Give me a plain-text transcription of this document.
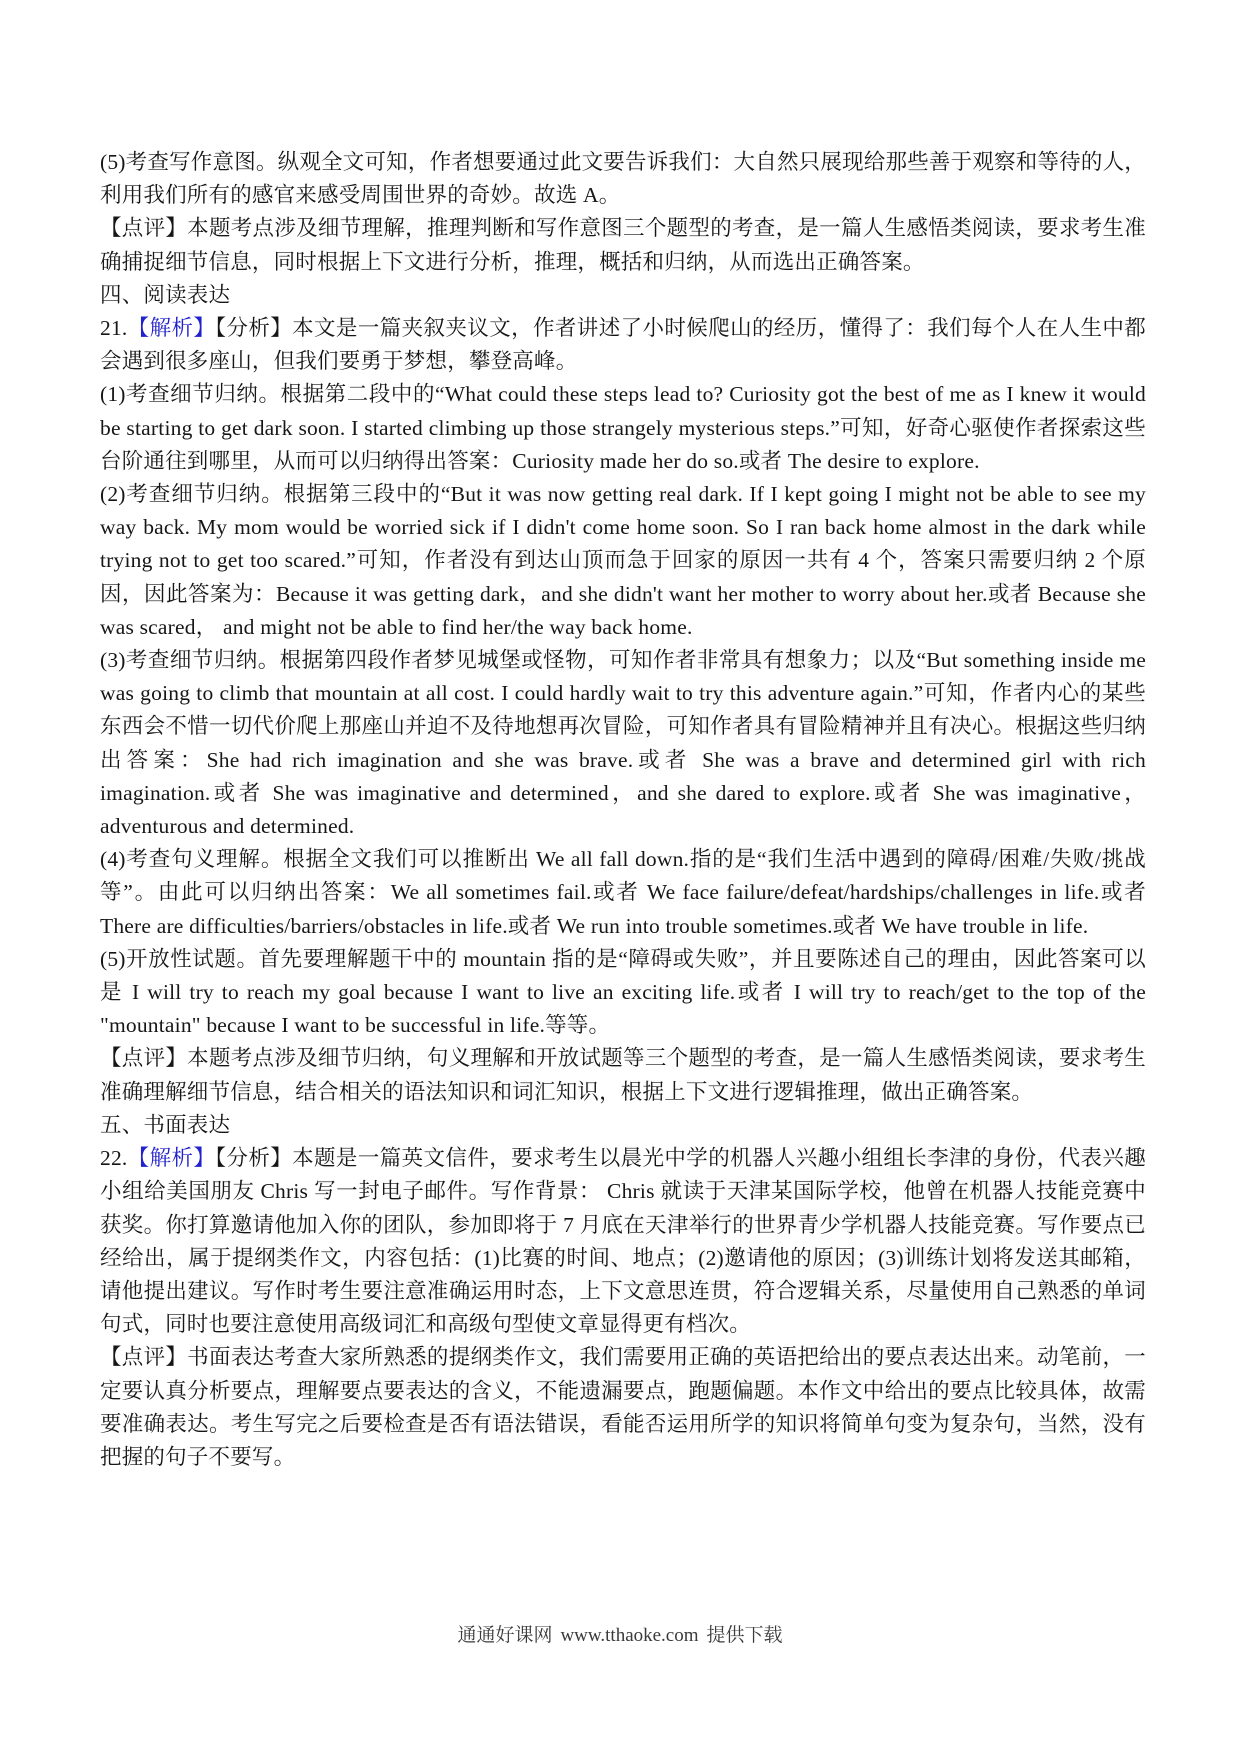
(5)考查写作意图。纵观全文可知，作者想要通过此文要告诉我们：大自然只展现给那些善于观察和等待的人，利用我们所有的感官来感受周围世界的奇妙。故选 A。

【点评】本题考点涉及细节理解，推理判断和写作意图三个题型的考查，是一篇人生感悟类阅读，要求考生准确捕捉细节信息，同时根据上下文进行分析，推理，概括和归纳，从而选出正确答案。

四、阅读表达

21.【解析】【分析】本文是一篇夹叙夹议文，作者讲述了小时候爬山的经历，懂得了：我们每个人在人生中都会遇到很多座山，但我们要勇于梦想，攀登高峰。

(1)考查细节归纳。根据第二段中的“What could these steps lead to? Curiosity got the best of me as I knew it would be starting to get dark soon. I started climbing up those strangely mysterious steps.”可知，好奇心驱使作者探索这些台阶通往到哪里，从而可以归纳得出答案：Curiosity made her do so.或者 The desire to explore.

(2)考查细节归纳。根据第三段中的“But it was now getting real dark. If I kept going I might not be able to see my way back. My mom would be worried sick if I didn't come home soon. So I ran back home almost in the dark while trying not to get too scared.”可知，作者没有到达山顶而急于回家的原因一共有 4 个，答案只需要归纳 2 个原因，因此答案为：Because it was getting dark，and she didn't want her mother to worry about her.或者 Because she was scared， and might not be able to find her/the way back home.

(3)考查细节归纳。根据第四段作者梦见城堡或怪物，可知作者非常具有想象力；以及“But something inside me was going to climb that mountain at all cost. I could hardly wait to try this adventure again.”可知，作者内心的某些东西会不惜一切代价爬上那座山并迫不及待地想再次冒险，可知作者具有冒险精神并且有决心。根据这些归纳出答案：She had rich imagination and she was brave.或者 She was a brave and determined girl with rich imagination.或者 She was imaginative and determined，and she dared to explore.或者 She was imaginative，adventurous and determined.

(4)考查句义理解。根据全文我们可以推断出 We all fall down.指的是“我们生活中遇到的障碍/困难/失败/挑战等”。由此可以归纳出答案：We all sometimes fail.或者 We face failure/defeat/hardships/challenges in life.或者 There are difficulties/barriers/obstacles in life.或者 We run into trouble sometimes.或者 We have trouble in life.

(5)开放性试题。首先要理解题干中的 mountain 指的是“障碍或失败”，并且要陈述自己的理由，因此答案可以是 I will try to reach my goal because I want to live an exciting life.或者 I will try to reach/get to the top of the "mountain" because I want to be successful in life.等等。

【点评】本题考点涉及细节归纳，句义理解和开放试题等三个题型的考查，是一篇人生感悟类阅读，要求考生准确理解细节信息，结合相关的语法知识和词汇知识，根据上下文进行逻辑推理，做出正确答案。

五、书面表达

22.【解析】【分析】本题是一篇英文信件，要求考生以晨光中学的机器人兴趣小组组长李津的身份，代表兴趣小组给美国朋友 Chris 写一封电子邮件。写作背景： Chris 就读于天津某国际学校，他曾在机器人技能竞赛中获奖。你打算邀请他加入你的团队，参加即将于 7 月底在天津举行的世界青少学机器人技能竞赛。写作要点已经给出，属于提纲类作文，内容包括：(1)比赛的时间、地点；(2)邀请他的原因；(3)训练计划将发送其邮箱，请他提出建议。写作时考生要注意准确运用时态，上下文意思连贯，符合逻辑关系，尽量使用自己熟悉的单词句式，同时也要注意使用高级词汇和高级句型使文章显得更有档次。

【点评】书面表达考查大家所熟悉的提纲类作文，我们需要用正确的英语把给出的要点表达出来。动笔前，一定要认真分析要点，理解要点要表达的含义，不能遗漏要点，跑题偏题。本作文中给出的要点比较具体，故需要准确表达。考生写完之后要检查是否有语法错误，看能否运用所学的知识将简单句变为复杂句，当然，没有把握的句子不要写。

通通好课网 www.tthaoke.com 提供下载
